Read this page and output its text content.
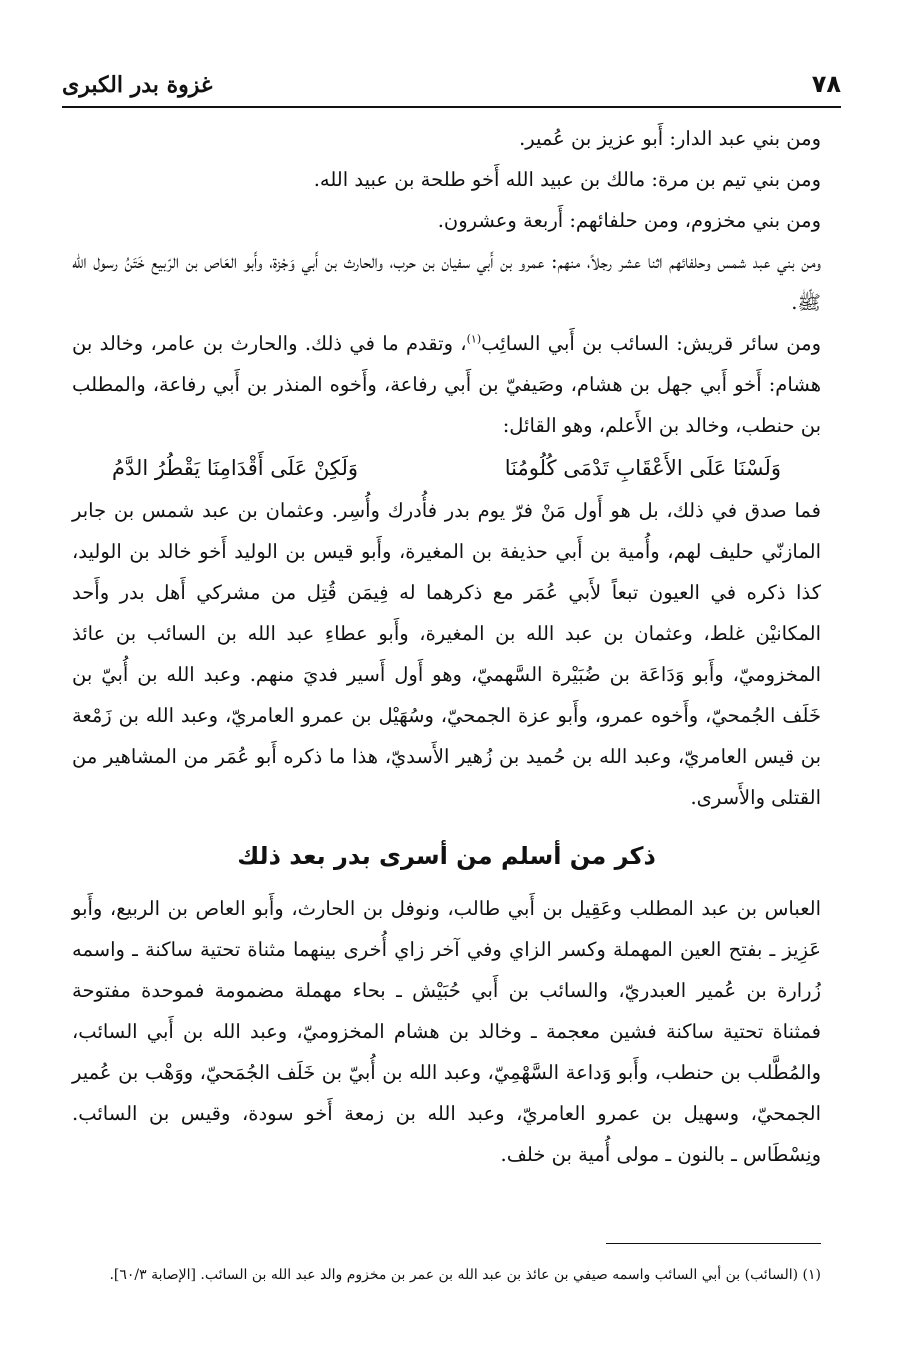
٧٨
غزوة بدر الكبرى

ومن بني عبد الدار: أَبو عزيز بن عُمير.

ومن بني تيم بن مرة: مالك بن عبيد الله أَخو طلحة بن عبيد الله.

ومن بني مخزوم، ومن حلفائهم: أَربعة وعشرون.

ومن بني عبد شمس وحلفائهم اثنا عشر رجلاً، منهم: عمرو بن أَبي سفيان بن حرب، والحارث بن أَبي وَجْزة، وأَبو العَاص بن الرّبيع خَتَنُ رسول الله ﷺ.

ومن سائر قريش: السائب بن أَبي السائِب$^{(١)}$، وتقدم ما في ذلك. والحارث بن عامر، وخالد بن هشام: أَخو أَبي جهل بن هشام، وصَيفيّ بن أَبي رفاعة، وأَخوه المنذر بن أَبي رفاعة، والمطلب بن حنطب، وخالد بن الأَعلم، وهو القائل:

وَلَسْنَا عَلَى الأَعْقَابِ تَدْمَى كُلُومُنَا
وَلَكِنْ عَلَى أَقْدَامِنَا يَقْطُرُ الدَّمُ

فما صدق في ذلك، بل هو أَول مَنْ فرّ يوم بدر فأُدرك وأُسِر. وعثمان بن عبد شمس بن جابر المازنّي حليف لهم، وأُمية بن أَبي حذيفة بن المغيرة، وأَبو قيس بن الوليد أَخو خالد بن الوليد، كذا ذكره في العيون تبعاً لأَبي عُمَر مع ذكرهما له فِيمَن قُتِل من مشركي أَهل بدر وأَحد المكانيْن غلط، وعثمان بن عبد الله بن المغيرة، وأَبو عطاءِ عبد الله بن السائب بن عائذ المخزوميّ، وأَبو وَدَاعَة بن ضُبَيْرة السَّهميّ، وهو أَول أَسير فديَ منهم. وعبد الله بن أُبيّ بن خَلَف الجُمحيّ، وأَخوه عمرو، وأَبو عزة الجمحيّ، وسُهَيْل بن عمرو العامريّ، وعبد الله بن زَمْعة بن قيس العامريّ، وعبد الله بن حُميد بن زُهير الأَسديّ، هذا ما ذكره أَبو عُمَر من المشاهير من القتلى والأَسرى.

ذكر من أسلم من أسرى بدر بعد ذلك

العباس بن عبد المطلب وعَقِيل بن أَبي طالب، ونوفل بن الحارث، وأَبو العاص بن الربيع، وأَبو عَزِيز ـ بفتح العين المهملة وكسر الزاي وفي آخر زاي أُخرى بينهما مثناة تحتية ساكنة ـ واسمه زُرارة بن عُمير العبدريّ، والسائب بن أَبي حُبَيْش ـ بحاء مهملة مضمومة فموحدة مفتوحة فمثناة تحتية ساكنة فشين معجمة ـ وخالد بن هشام المخزوميّ، وعبد الله بن أَبي السائب، والمُطَّلب بن حنطب، وأَبو وَداعة السَّهْمِيّ، وعبد الله بن أُبيّ بن خَلَف الجُمَحيّ، ووَهْب بن عُمير الجمحيّ، وسهيل بن عمرو العامريّ، وعبد الله بن زمعة أَخو سودة، وقيس بن السائب. ونِسْطَاس ـ بالنون ـ مولى أُمية بن خلف.

(١) (السائب) بن أبي السائب واسمه صيفي بن عائذ بن عبد الله بن عمر بن مخزوم والد عبد الله بن السائب. [الإصابة ٦٠/٣].
